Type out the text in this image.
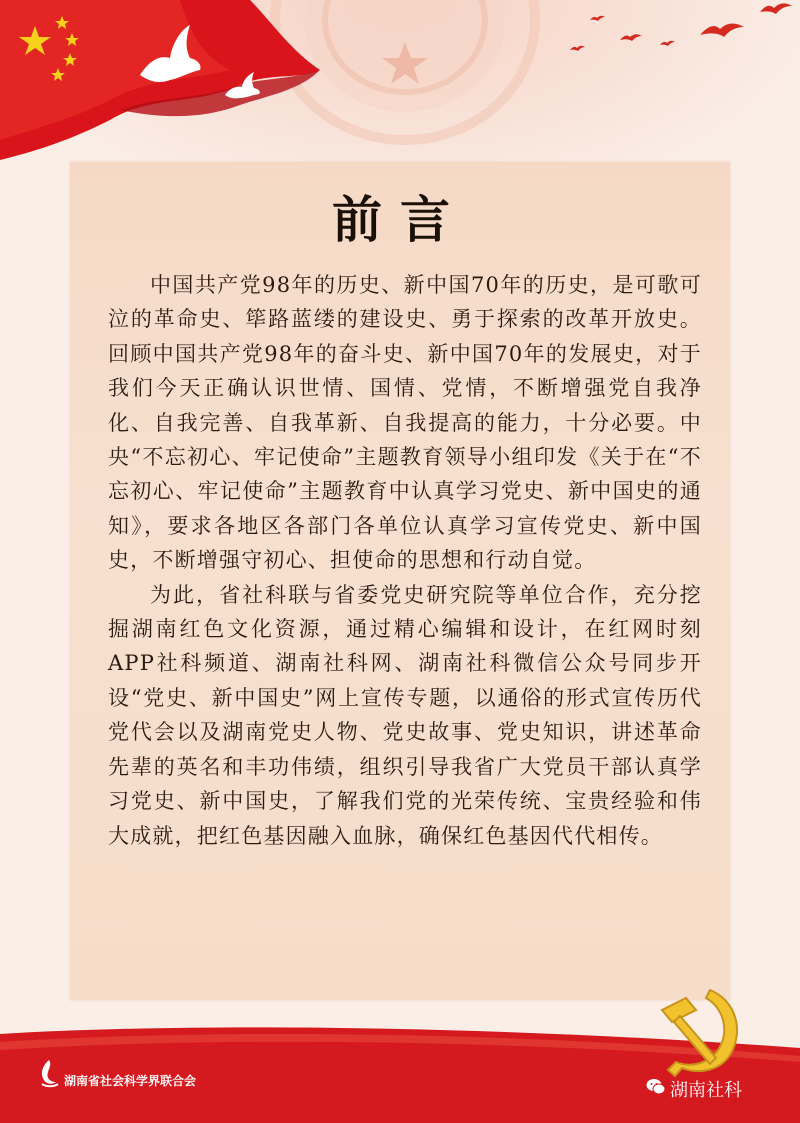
前言

中国共产党98年的历史、新中国70年的历史，是可歌可泣的革命史、筚路蓝缕的建设史、勇于探索的改革开放史。回顾中国共产党98年的奋斗史、新中国70年的发展史，对于我们今天正确认识世情、国情、党情，不断增强党自我净化、自我完善、自我革新、自我提高的能力，十分必要。中央“不忘初心、牢记使命”主题教育领导小组印发《关于在“不忘初心、牢记使命”主题教育中认真学习党史、新中国史的通知》，要求各地区各部门各单位认真学习宣传党史、新中国史，不断增强守初心、担使命的思想和行动自觉。

为此，省社科联与省委党史研究院等单位合作，充分挖掘湖南红色文化资源，通过精心编辑和设计，在红网时刻APP社科频道、湖南社科网、湖南社科微信公众号同步开设“党史、新中国史”网上宣传专题，以通俗的形式宣传历代党代会以及湖南党史人物、党史故事、党史知识，讲述革命先辈的英名和丰功伟绩，组织引导我省广大党员干部认真学习党史、新中国史，了解我们党的光荣传统、宝贵经验和伟大成就，把红色基因融入血脉，确保红色基因代代相传。

湖南省社会科学界联合会	湖南社科
